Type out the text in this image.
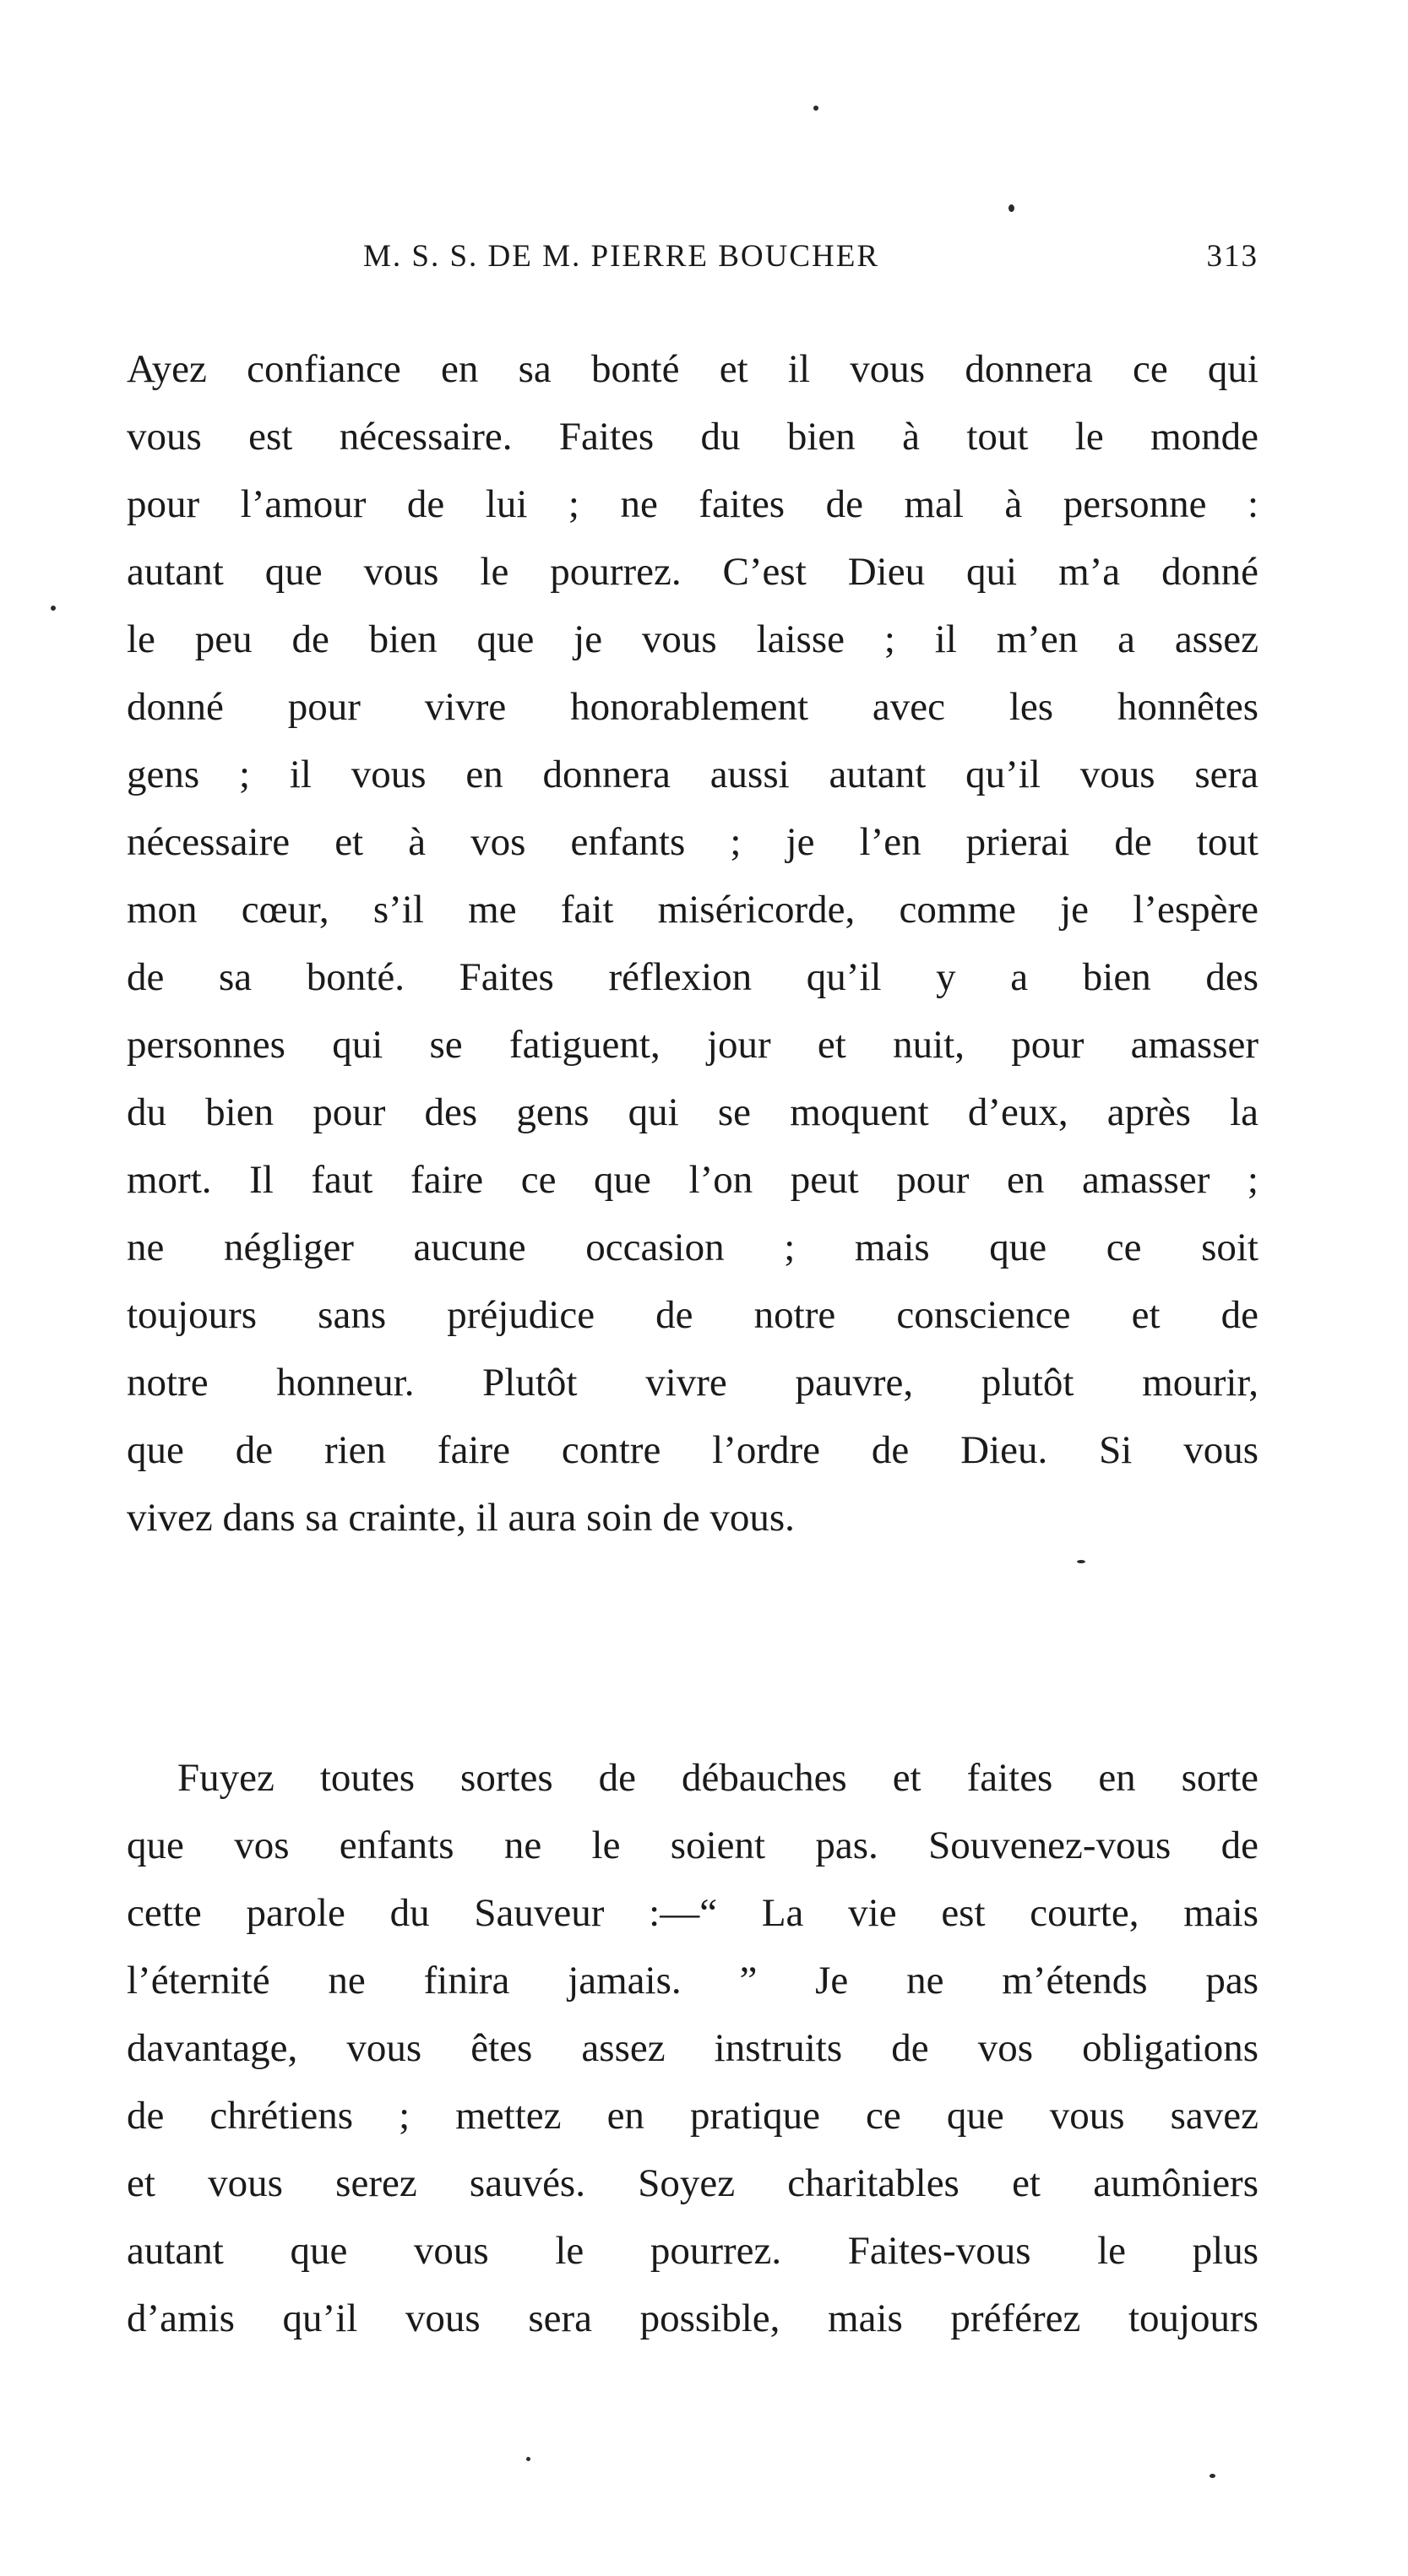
M. S. S. DE M. PIERRE BOUCHER	313
Ayez confiance en sa bonté et il vous donnera ce qui
vous est nécessaire. Faites du bien à tout le monde
pour l’amour de lui ; ne faites de mal à personne :
autant que vous le pourrez. C’est Dieu qui m’a donné
le peu de bien que je vous laisse ; il m’en a assez
donné pour vivre honorablement avec les honnêtes
gens ; il vous en donnera aussi autant qu’il vous sera
nécessaire et à vos enfants ; je l’en prierai de tout
mon cœur, s’il me fait miséricorde, comme je l’espère
de sa bonté. Faites réflexion qu’il y a bien des
personnes qui se fatiguent, jour et nuit, pour amasser
du bien pour des gens qui se moquent d’eux, après la
mort. Il faut faire ce que l’on peut pour en amasser ;
ne négliger aucune occasion ; mais que ce soit
toujours sans préjudice de notre conscience et de
notre honneur. Plutôt vivre pauvre, plutôt mourir,
que de rien faire contre l’ordre de Dieu. Si vous
vivez dans sa crainte, il aura soin de vous.
Fuyez toutes sortes de débauches et faites en sorte
que vos enfants ne le soient pas. Souvenez-vous de
cette parole du Sauveur :—“ La vie est courte, mais
l’éternité ne finira jamais. ” Je ne m’étends pas
davantage, vous êtes assez instruits de vos obligations
de chrétiens ; mettez en pratique ce que vous savez
et vous serez sauvés. Soyez charitables et aumôniers
autant que vous le pourrez. Faites-vous le plus
d’amis qu’il vous sera possible, mais préférez toujours
